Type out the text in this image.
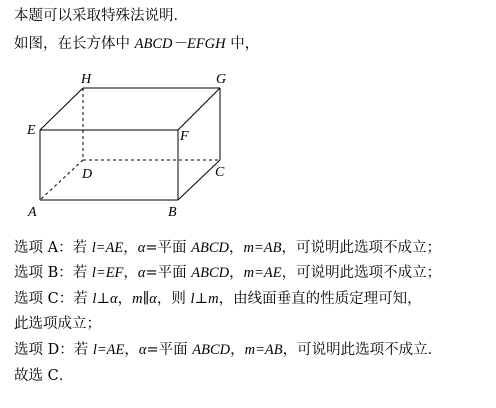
本题可以采取特殊法说明．
如图，在长方体中 ABCD－EFGH 中，
A	B
C
D
E	F
G
H
选项 A：若 l=AE，α=平面 ABCD，m=AB，可说明此选项不成立；
选项 B：若 l=EF，α=平面 ABCD，m=AE，可说明此选项不成立；
选项 C：若 l⊥α，m∥α，则 l⊥m，由线面垂直的性质定理可知，
此选项成立；
选项 D：若 l=AE，α=平面 ABCD，m=AB，可说明此选项不成立．
故选 C．
